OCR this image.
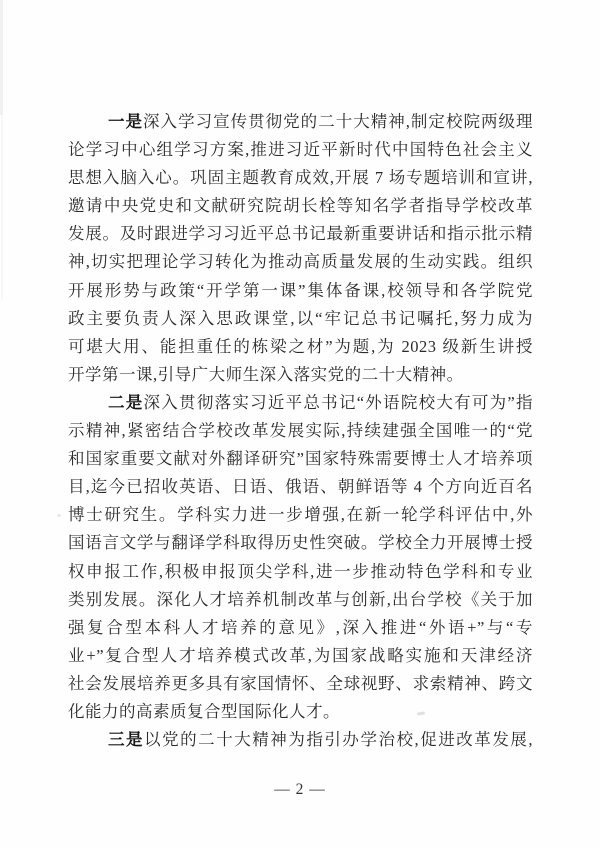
一是深入学习宣传贯彻党的二十大精神,制定校院两级理
论学习中心组学习方案,推进习近平新时代中国特色社会主义
思想入脑入心。巩固主题教育成效,开展 7 场专题培训和宣讲,
邀请中央党史和文献研究院胡长栓等知名学者指导学校改革
发展。及时跟进学习习近平总书记最新重要讲话和指示批示精
神,切实把理论学习转化为推动高质量发展的生动实践。组织
开展形势与政策“开学第一课”集体备课,校领导和各学院党
政主要负责人深入思政课堂,以“牢记总书记嘱托,努力成为
可堪大用、能担重任的栋梁之材”为题,为 2023 级新生讲授
开学第一课,引导广大师生深入落实党的二十大精神。
二是深入贯彻落实习近平总书记“外语院校大有可为”指
示精神,紧密结合学校改革发展实际,持续建强全国唯一的“党
和国家重要文献对外翻译研究”国家特殊需要博士人才培养项
目,迄今已招收英语、日语、俄语、朝鲜语等 4 个方向近百名
博士研究生。学科实力进一步增强,在新一轮学科评估中,外
国语言文学与翻译学科取得历史性突破。学校全力开展博士授
权申报工作,积极申报顶尖学科,进一步推动特色学科和专业
类别发展。深化人才培养机制改革与创新,出台学校《关于加
强复合型本科人才培养的意见》,深入推进“外语+”与“专
业+”复合型人才培养模式改革,为国家战略实施和天津经济
社会发展培养更多具有家国情怀、全球视野、求索精神、跨文
化能力的高素质复合型国际化人才。
三是以党的二十大精神为指引办学治校,促进改革发展,
— 2 —
